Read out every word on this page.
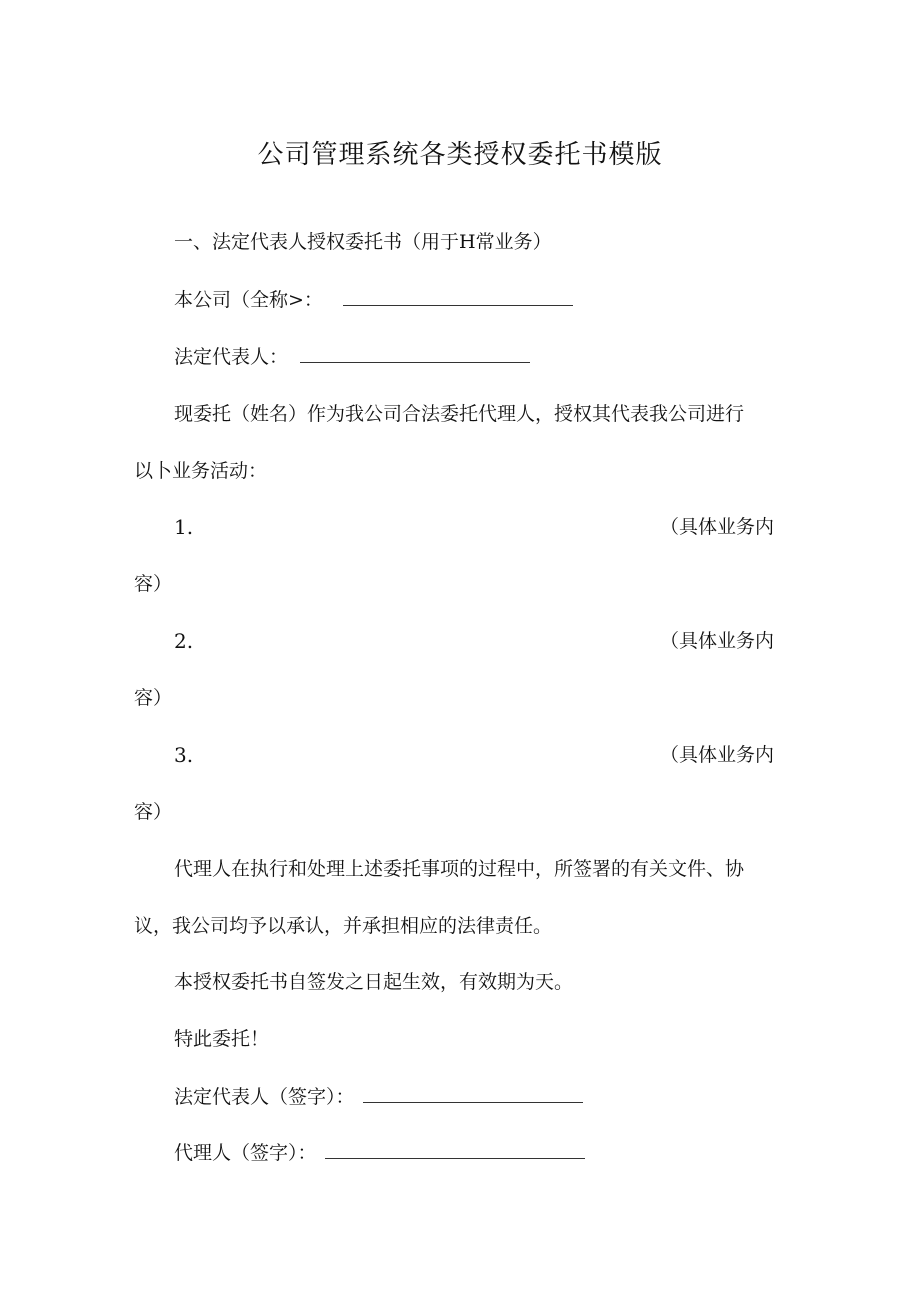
公司管理系统各类授权委托书模版
一、法定代表人授权委托书（用于H常业务）
本公司（全称>：
法定代表人：
现委托（姓名）作为我公司合法委托代理人，授权其代表我公司进行
以卜业务活动：
1.	（具体业务内
容）
2.	（具体业务内
容）
3.	（具体业务内
容）
代理人在执行和处理上述委托事项的过程中，所签署的有关文件、协
议，我公司均予以承认，并承担相应的法律责任。
本授权委托书自签发之日起生效，有效期为天。
特此委托！
法定代表人（签字）：
代理人（签字）：
